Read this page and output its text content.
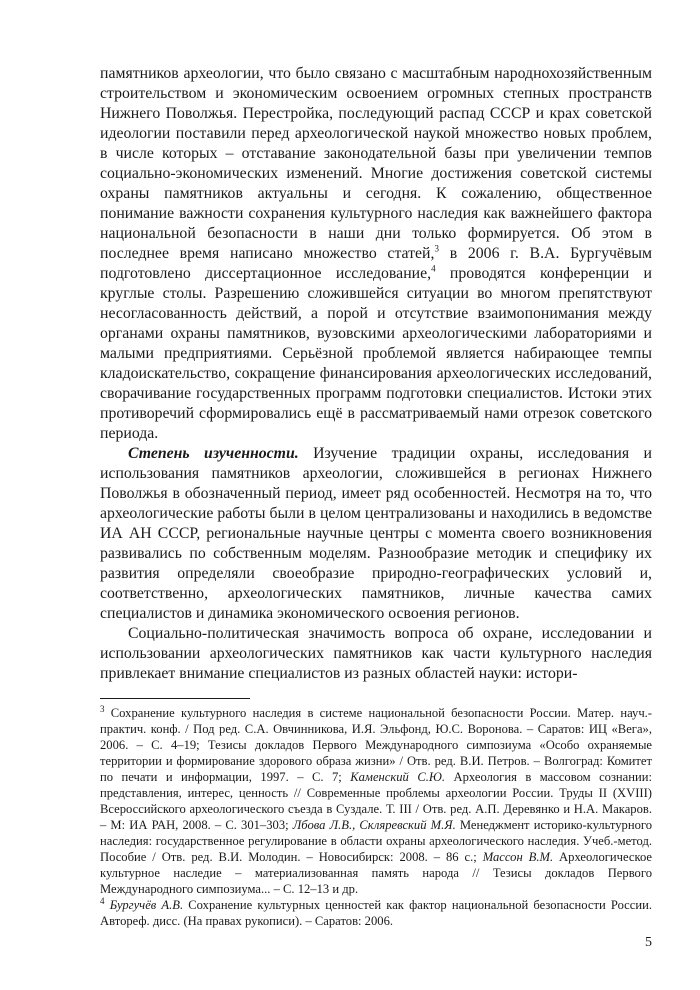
памятников археологии, что было связано с масштабным народнохозяйственным строительством и экономическим освоением огромных степных пространств Нижнего Поволжья. Перестройка, последующий распад СССР и крах советской идеологии поставили перед археологической наукой множество новых проблем, в числе которых – отставание законодательной базы при увеличении темпов социально-экономических изменений. Многие достижения советской системы охраны памятников актуальны и сегодня. К сожалению, общественное понимание важности сохранения культурного наследия как важнейшего фактора национальной безопасности в наши дни только формируется. Об этом в последнее время написано множество статей,$^3$ в 2006 г. В.А. Бургучёвым подготовлено диссертационное исследование,$^4$ проводятся конференции и круглые столы. Разрешению сложившейся ситуации во многом препятствуют несогласованность действий, а порой и отсутствие взаимопонимания между органами охраны памятников, вузовскими археологическими лабораториями и малыми предприятиями. Серьёзной проблемой является набирающее темпы кладоискательство, сокращение финансирования археологических исследований, сворачивание государственных программ подготовки специалистов. Истоки этих противоречий сформировались ещё в рассматриваемый нами отрезок советского периода.

Степень изученности. Изучение традиции охраны, исследования и использования памятников археологии, сложившейся в регионах Нижнего Поволжья в обозначенный период, имеет ряд особенностей. Несмотря на то, что археологические работы были в целом централизованы и находились в ведомстве ИА АН СССР, региональные научные центры с момента своего возникновения развивались по собственным моделям. Разнообразие методик и специфику их развития определяли своеобразие природно-географических условий и, соответственно, археологических памятников, личные качества самих специалистов и динамика экономического освоения регионов.

Социально-политическая значимость вопроса об охране, исследовании и использовании археологических памятников как части культурного наследия привлекает внимание специалистов из разных областей науки: истори-

$^3$ Сохранение культурного наследия в системе национальной безопасности России. Матер. науч.-практич. конф. / Под ред. С.А. Овчинникова, И.Я. Эльфонд, Ю.С. Воронова. – Саратов: ИЦ «Вега», 2006. – С. 4–19; Тезисы докладов Первого Международного симпозиума «Особо охраняемые территории и формирование здорового образа жизни» / Отв. ред. В.И. Петров. – Волгоград: Комитет по печати и информации, 1997. – С. 7; Каменский С.Ю. Археология в массовом сознании: представления, интерес, ценность // Современные проблемы археологии России. Труды II (XVIII) Всероссийского археологического съезда в Суздале. Т. III / Отв. ред. А.П. Деревянко и Н.А. Макаров. – М: ИА РАН, 2008. – С. 301–303; Лбова Л.В., Скляревский М.Я. Менеджмент историко-культурного наследия: государственное регулирование в области охраны археологического наследия. Учеб.-метод. Пособие / Отв. ред. В.И. Молодин. – Новосибирск: 2008. – 86 с.; Массон В.М. Археологическое культурное наследие – материализованная память народа // Тезисы докладов Первого Международного симпозиума... – С. 12–13 и др.

$^4$ Бургучёв А.В. Сохранение культурных ценностей как фактор национальной безопасности России. Автореф. дисс. (На правах рукописи). – Саратов: 2006.

5
